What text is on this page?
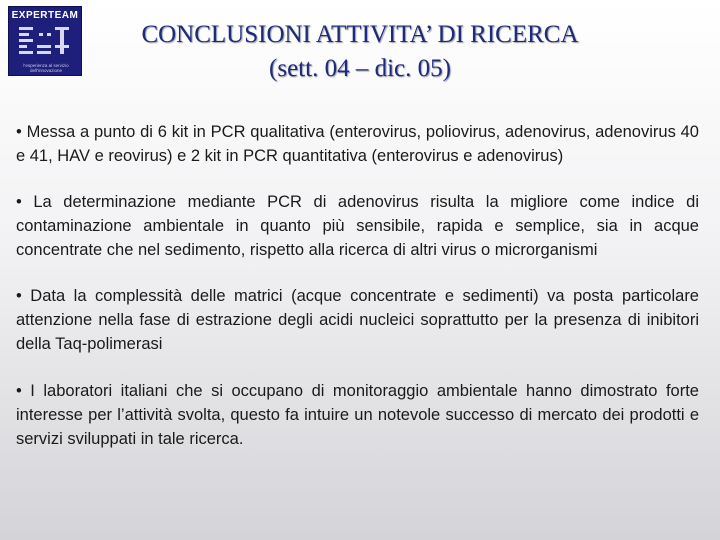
EXPERTEAM
l’esperienza al servizio dell’innovazione
CONCLUSIONI ATTIVITA’ DI RICERCA
(sett. 04 – dic. 05)
• Messa a punto di 6 kit in PCR qualitativa (enterovirus, poliovirus, adenovirus, adenovirus 40 e 41, HAV e reovirus) e 2 kit in PCR quantitativa (enterovirus e adenovirus)
• La determinazione mediante PCR di adenovirus risulta la migliore come indice di contaminazione ambientale in quanto più sensibile, rapida e semplice, sia in acque concentrate che nel sedimento, rispetto alla ricerca di altri virus o microrganismi
• Data la complessità delle matrici (acque concentrate e sedimenti) va posta particolare attenzione nella fase di estrazione degli acidi nucleici soprattutto per la presenza di inibitori della Taq-polimerasi
• I laboratori italiani che si occupano di monitoraggio ambientale hanno dimostrato forte interesse per l’attività svolta, questo fa intuire un notevole successo di mercato dei prodotti e servizi sviluppati in tale ricerca.
